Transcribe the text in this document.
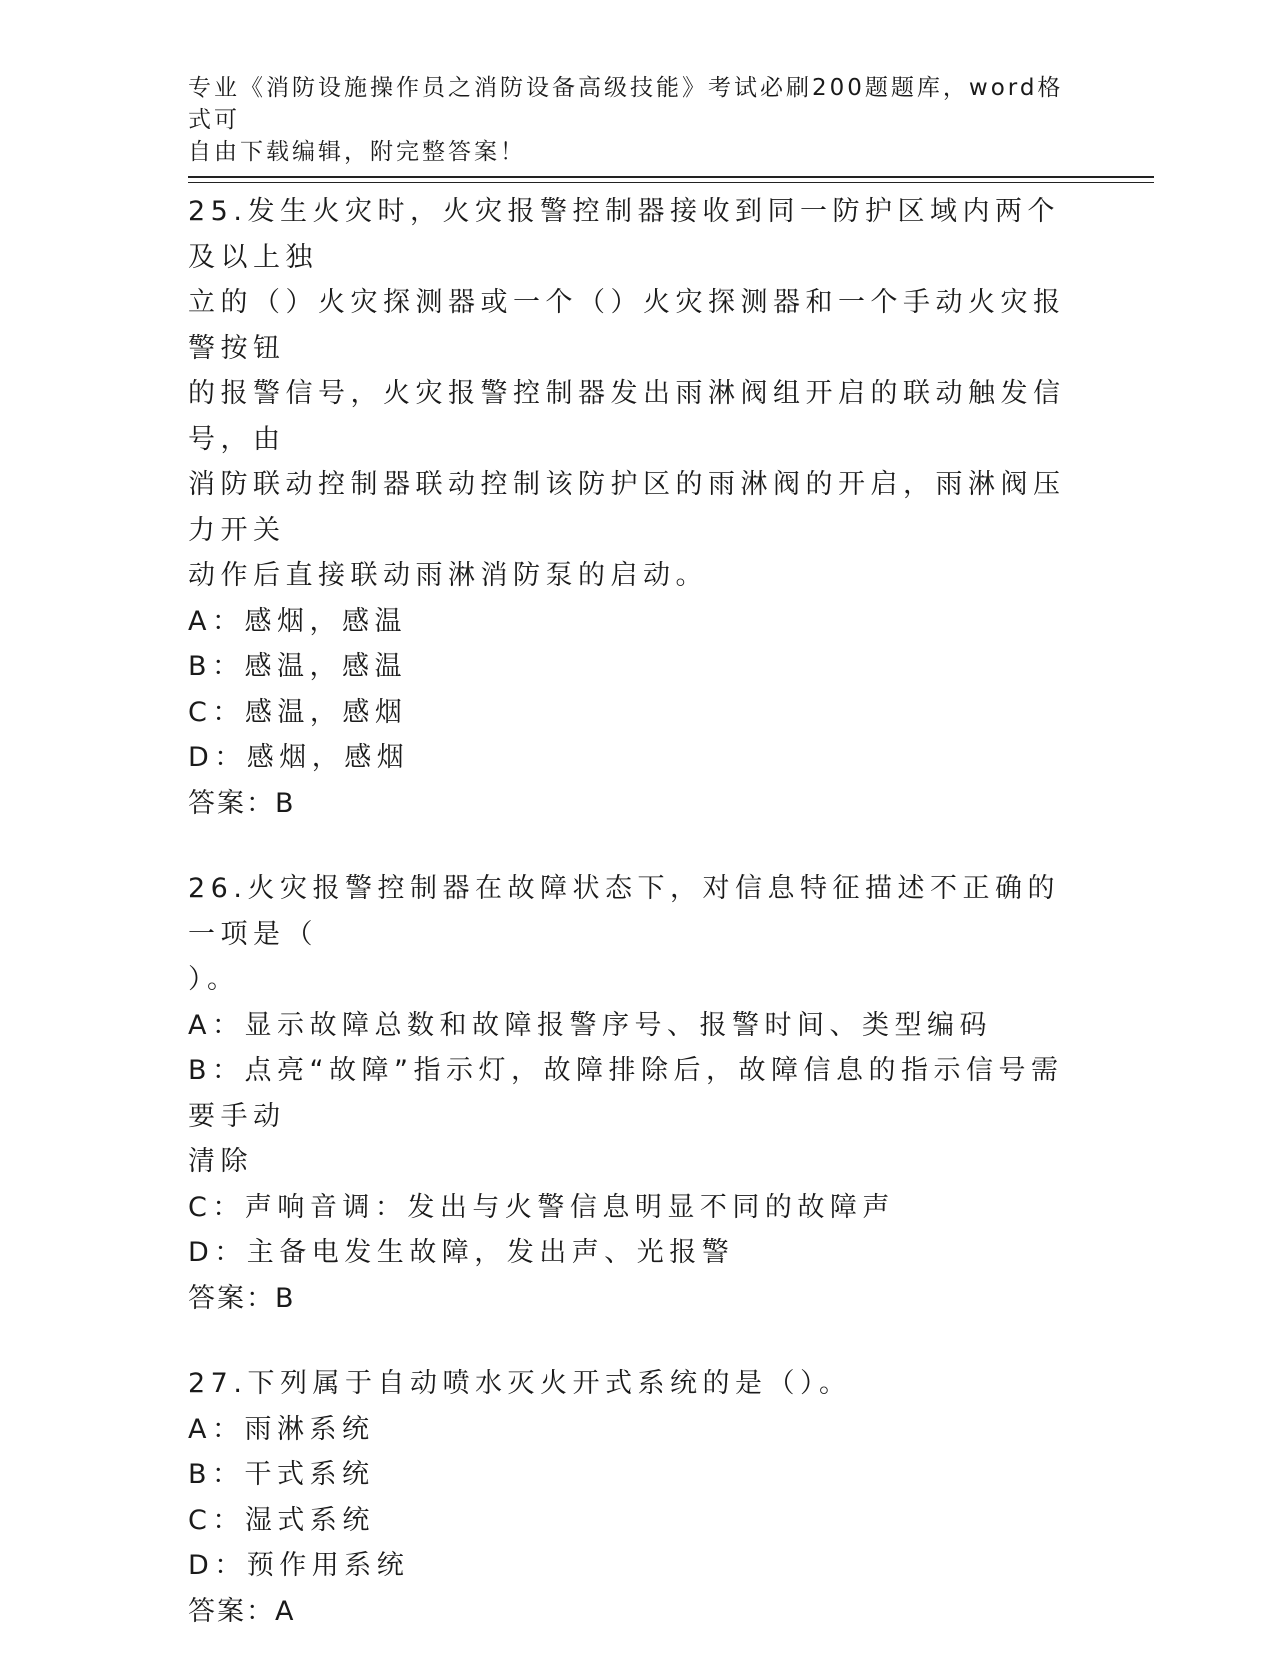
专业《消防设施操作员之消防设备高级技能》考试必刷200题题库，word格式可
自由下载编辑，附完整答案！
25.发生火灾时，火灾报警控制器接收到同一防护区域内两个及以上独
立的（）火灾探测器或一个（）火灾探测器和一个手动火灾报警按钮
的报警信号，火灾报警控制器发出雨淋阀组开启的联动触发信号，由
消防联动控制器联动控制该防护区的雨淋阀的开启，雨淋阀压力开关
动作后直接联动雨淋消防泵的启动。
A：感烟，感温
B：感温，感温
C：感温，感烟
D：感烟，感烟
答案：B
26.火灾报警控制器在故障状态下，对信息特征描述不正确的一项是（
）。
A：显示故障总数和故障报警序号、报警时间、类型编码
B：点亮“故障”指示灯，故障排除后，故障信息的指示信号需要手动
清除
C：声响音调：发出与火警信息明显不同的故障声
D：主备电发生故障，发出声、光报警
答案：B
27.下列属于自动喷水灭火开式系统的是（）。
A：雨淋系统
B：干式系统
C：湿式系统
D：预作用系统
答案：A
